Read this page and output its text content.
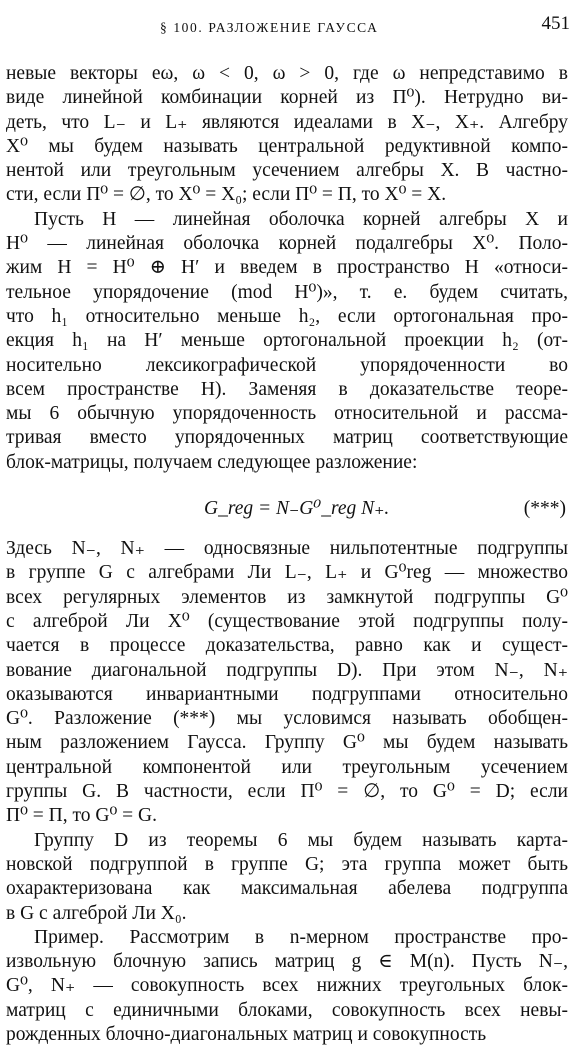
§ 100. РАЗЛОЖЕНИЕ ГАУССА	451
невые векторы eω, ω < 0, ω > 0, где ω непредставимо в
виде линейной комбинации корней из Π⁰). Нетрудно ви-
деть, что L₋ и L₊ являются идеалами в X₋, X₊. Алгебру
X⁰ мы будем называть центральной редуктивной компо-
нентой или треугольным усечением алгебры X. В частно-
сти, если Π⁰ = ∅, то X⁰ = X₀; если Π⁰ = Π, то X⁰ = X.
Пусть H — линейная оболочка корней алгебры X и
H⁰ — линейная оболочка корней подалгебры X⁰. Поло-
жим H = H⁰ ⊕ H′ и введем в пространство H «относи-
тельное упорядочение (mod H⁰)», т. е. будем считать,
что h₁ относительно меньше h₂, если ортогональная про-
екция h₁ на H′ меньше ортогональной проекции h₂ (от-
носительно лексикографической упорядоченности во
всем пространстве H). Заменяя в доказательстве теоре-
мы 6 обычную упорядоченность относительной и рассма-
тривая вместо упорядоченных матриц соответствующие
блок-матрицы, получаем следующее разложение:
G_reg = N₋G⁰_reg N₊.	(***)
Здесь N₋, N₊ — односвязные нильпотентные подгруппы
в группе G с алгебрами Ли L₋, L₊ и G⁰reg — множество
всех регулярных элементов из замкнутой подгруппы G⁰
с алгеброй Ли X⁰ (существование этой подгруппы полу-
чается в процессе доказательства, равно как и сущест-
вование диагональной подгруппы D). При этом N₋, N₊
оказываются инвариантными подгруппами относительно
G⁰. Разложение (***) мы условимся называть обобщен-
ным разложением Гаусса. Группу G⁰ мы будем называть
центральной компонентой или треугольным усечением
группы G. В частности, если Π⁰ = ∅, то G⁰ = D; если
Π⁰ = Π, то G⁰ = G.
Группу D из теоремы 6 мы будем называть карта-
новской подгруппой в группе G; эта группа может быть
охарактеризована как максимальная абелева подгруппа
в G с алгеброй Ли X₀.
Пример. Рассмотрим в n-мерном пространстве про-
извольную блочную запись матриц g ∈ M(n). Пусть N₋,
G⁰, N₊ — совокупность всех нижних треугольных блок-
матриц с единичными блоками, совокупность всех невы-
рожденных блочно-диагональных матриц и совокупность
